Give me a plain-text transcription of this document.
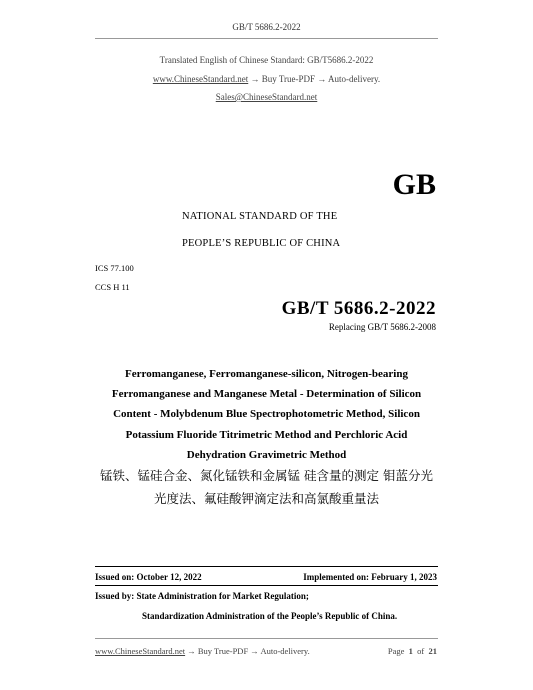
GB/T 5686.2-2022
Translated English of Chinese Standard: GB/T5686.2-2022
www.ChineseStandard.net → Buy True-PDF → Auto-delivery.
Sales@ChineseStandard.net
GB
NATIONAL STANDARD OF THE
PEOPLE’S REPUBLIC OF CHINA
ICS 77.100
CCS H 11
GB/T 5686.2-2022
Replacing GB/T 5686.2-2008
Ferromanganese, Ferromanganese-silicon, Nitrogen-bearing
Ferromanganese and Manganese Metal - Determination of Silicon
Content - Molybdenum Blue Spectrophotometric Method, Silicon
Potassium Fluoride Titrimetric Method and Perchloric Acid
Dehydration Gravimetric Method
锰铁、锰硅合金、氮化锰铁和金属锰 硅含量的测定 钼蓝分光
光度法、氟硅酸钾滴定法和高氯酸重量法
Issued on: October 12, 2022	Implemented on: February 1, 2023
Issued by: State Administration for Market Regulation;
Standardization Administration of the People’s Republic of China.
www.ChineseStandard.net → Buy True-PDF → Auto-delivery.	Page 1 of 21
